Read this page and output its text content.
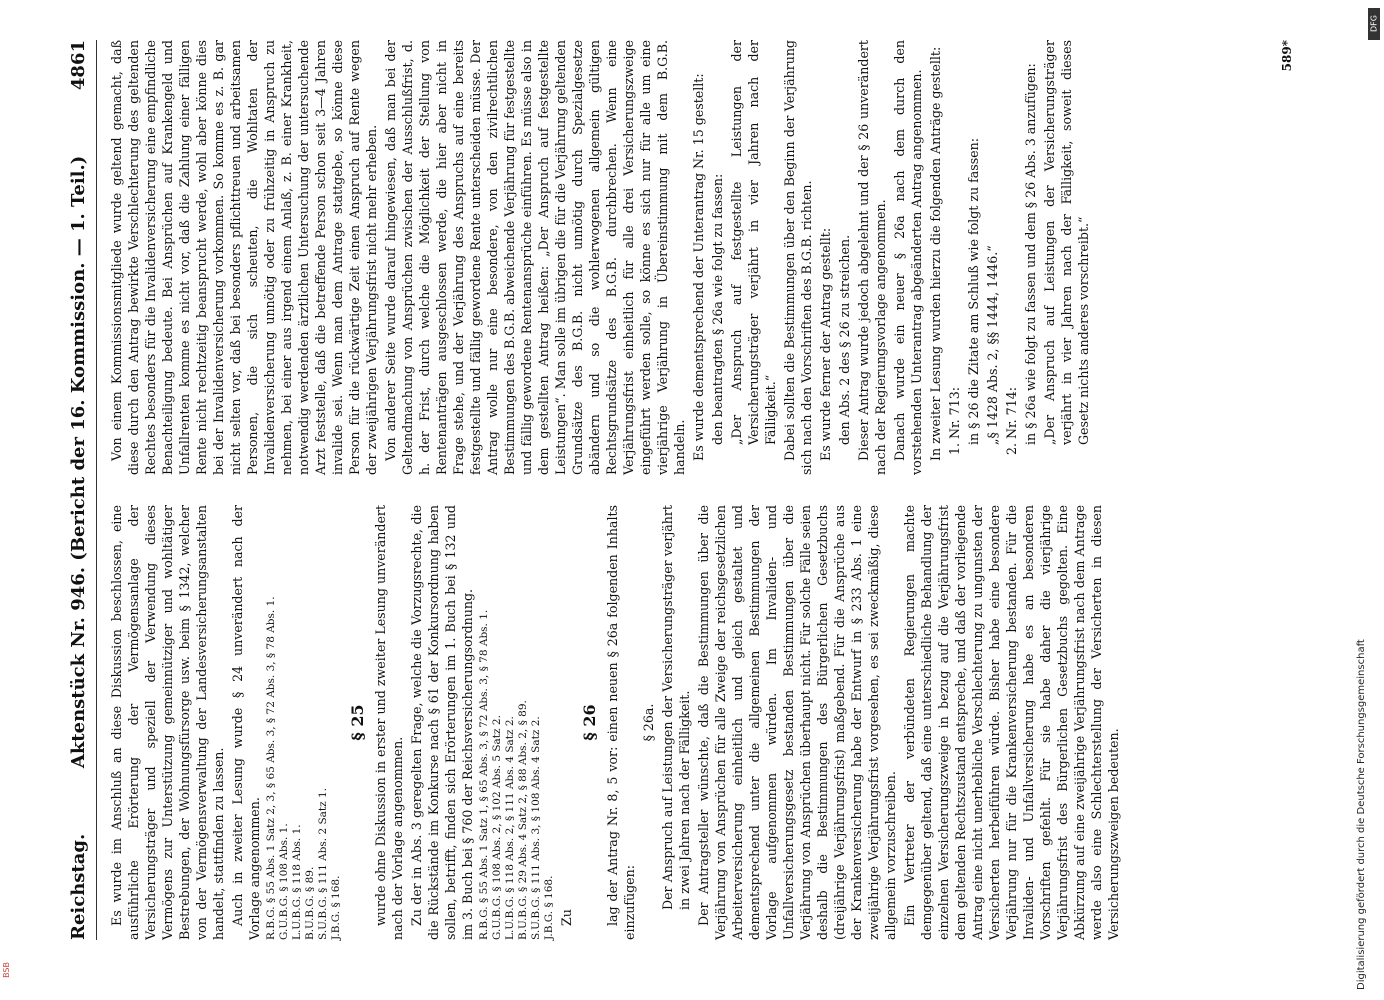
Reichstag.
Aktenstück Nr. 946. (Bericht der 16. Kommission. — 1. Teil.)
4861

Es wurde im Anschluß an diese Diskussion beschlossen, eine ausführliche Erörterung der Vermögensanlage der Versicherungsträger und speziell der Verwendung dieses Vermögens zur Unterstützung gemeinnütziger und wohltätiger Bestrebungen, der Wohnungsfürsorge usw. beim § 1342, welcher von der Vermögensverwaltung der Landesversicherungsanstalten handelt, stattfinden zu lassen. Auch in zweiter Lesung wurde § 24 unverändert nach der Vorlage angenommen. R.B.G. § 55 Abs. 1 Satz 2, 3, § 65 Abs. 3, § 72 Abs. 3, § 78 Abs. 1.
G.U.B.G. § 108 Abs. 1.
L.U.B.G. § 118 Abs. 1.
B.U.B.G. § 89.
S.U.B.G. § 111 Abs. 2 Satz 1.
J.B.G. § 168.

§ 25 wurde ohne Diskussion in erster und zweiter Lesung unverändert nach der Vorlage angenommen. Zu der in Abs. 3 geregelten Frage, welche die Vorzugsrechte, die die Rückstände im Konkurse nach § 61 der Konkursordnung haben sollen, betrifft, finden sich Erörterungen im 1. Buch bei § 132 und im 3. Buch bei § 760 der Reichsversicherungsordnung. R.B.G. § 55 Abs. 1 Satz 1, § 65 Abs. 3, § 72 Abs. 3, § 78 Abs. 1.
G.U.B.G. § 108 Abs. 2, § 102 Abs. 5 Satz 2.
L.U.B.G. § 118 Abs. 2, § 111 Abs. 4 Satz 2.
B.U.B.G. § 29 Abs. 4 Satz 2, § 88 Abs. 2, § 89.
S.U.B.G. § 111 Abs. 3, § 108 Abs. 4 Satz 2.
J.B.G. § 168.

Zu

§ 26 lag der Antrag Nr. 8, 5 vor: einen neuen § 26a folgenden Inhalts einzufügen:

§ 26a. Der Anspruch auf Leistungen der Versicherungsträger verjährt in zwei Jahren nach der Fälligkeit. Der Antragsteller wünschte, daß die Bestimmungen über die Verjährung von Ansprüchen für alle Zweige der reichsgesetzlichen Arbeiterversicherung einheitlich und gleich gestaltet und dementsprechend unter die allgemeinen Bestimmungen der Vorlage aufgenommen würden. Im Invaliden- und Unfallversicherungsgesetz bestanden Bestimmungen über die Verjährung von Ansprüchen überhaupt nicht. Für solche Fälle seien deshalb die Bestimmungen des Bürgerlichen Gesetzbuchs (dreijährige Verjährungsfrist) maßgebend. Für die Ansprüche aus der Krankenversicherung habe der Entwurf in § 233 Abs. 1 eine zweijährige Verjährungsfrist vorgesehen, es sei zweckmäßig, diese allgemein vorzuschreiben. Ein Vertreter der verbündeten Regierungen machte demgegenüber geltend, daß eine unterschiedliche Behandlung der einzelnen Versicherungszweige in bezug auf die Verjährungsfrist dem geltenden Rechtszustand entspreche, und daß der vorliegende Antrag eine nicht unerhebliche Verschlechterung zu ungunsten der Versicherten herbeiführen würde. Bisher habe eine besondere Verjährung nur für die Krankenversicherung bestanden. Für die Invaliden- und Unfallversicherung habe es an besonderen Vorschriften gefehlt. Für sie habe daher die vierjährige Verjährungsfrist des Bürgerlichen Gesetzbuchs gegolten. Eine Abkürzung auf eine zweijährige Verjährungsfrist nach dem Antrage werde also eine Schlechterstellung der Versicherten in diesen Versicherungszweigen bedeuten.

Von einem Kommissionsmitgliede wurde geltend gemacht, daß diese durch den Antrag bewirkte Verschlechterung des geltenden Rechtes besonders für die Invalidenversicherung eine empfindliche Benachteiligung bedeute. Bei Ansprüchen auf Krankengeld und Unfallrenten komme es nicht vor, daß die Zahlung einer fälligen Rente nicht rechtzeitig beansprucht werde, wohl aber könne dies bei der Invalidenversicherung vorkommen. So komme es z. B. gar nicht selten vor, daß bei besonders pflichttreuen und arbeitsamen Personen, die sich scheuten, die Wohltaten der Invalidenversicherung unnötig oder zu frühzeitig in Anspruch zu nehmen, bei einer aus irgend einem Anlaß, z. B. einer Krankheit, notwendig werdenden ärztlichen Untersuchung der untersuchende Arzt feststelle, daß die betreffende Person schon seit 3—4 Jahren invalide sei. Wenn man dem Antrage stattgebe, so könne diese Person für die rückwärtige Zeit einen Anspruch auf Rente wegen der zweijährigen Verjährungsfrist nicht mehr erheben. Von anderer Seite wurde darauf hingewiesen, daß man bei der Geltendmachung von Ansprüchen zwischen der Ausschlußfrist, d. h. der Frist, durch welche die Möglichkeit der Stellung von Rentenanträgen ausgeschlossen werde, die hier aber nicht in Frage stehe, und der Verjährung des Anspruchs auf eine bereits festgestellte und fällig gewordene Rente unterscheiden müsse. Der Antrag wolle nur eine besondere, von den zivilrechtlichen Bestimmungen des B.G.B. abweichende Verjährung für festgestellte und fällig gewordene Rentenansprüche einführen. Es müsse also in dem gestellten Antrag heißen: „Der Anspruch auf festgestellte Leistungen“. Man solle im übrigen die für die Verjährung geltenden Grundsätze des B.G.B. nicht unnötig durch Spezialgesetze abändern und so die wohlerwogenen allgemein gültigen Rechtsgrundsätze des B.G.B. durchbrechen. Wenn eine Verjährungsfrist einheitlich für alle drei Versicherungszweige eingeführt werden solle, so könne es sich nur für alle um eine vierjährige Verjährung in Übereinstimmung mit dem B.G.B. handeln. Es wurde dementsprechend der Unterantrag Nr. 15 gestellt: den beantragten § 26a wie folgt zu fassen: „Der Anspruch auf festgestellte Leistungen der Versicherungsträger verjährt in vier Jahren nach der Fälligkeit.“ Dabei sollten die Bestimmungen über den Beginn der Verjährung sich nach den Vorschriften des B.G.B. richten. Es wurde ferner der Antrag gestellt: den Abs. 2 des § 26 zu streichen. Dieser Antrag wurde jedoch abgelehnt und der § 26 unverändert nach der Regierungsvorlage angenommen. Danach wurde ein neuer § 26a nach dem durch den vorstehenden Unterantrag abgeänderten Antrag angenommen. In zweiter Lesung wurden hierzu die folgenden Anträge gestellt: 1. Nr. 713: in § 26 die Zitate am Schluß wie folgt zu fassen: „§ 1428 Abs. 2, §§ 1444, 1446.“ 2. Nr. 714: in § 26a wie folgt zu fassen und dem § 26 Abs. 3 anzufügen: „Der Anspruch auf Leistungen der Versicherungsträger verjährt in vier Jahren nach der Fälligkeit, soweit dieses Gesetz nichts anderes vorschreibt.“

589*
Digitalisierung gefördert durch die Deutsche Forschungsgemeinschaft
DFG
BSB
